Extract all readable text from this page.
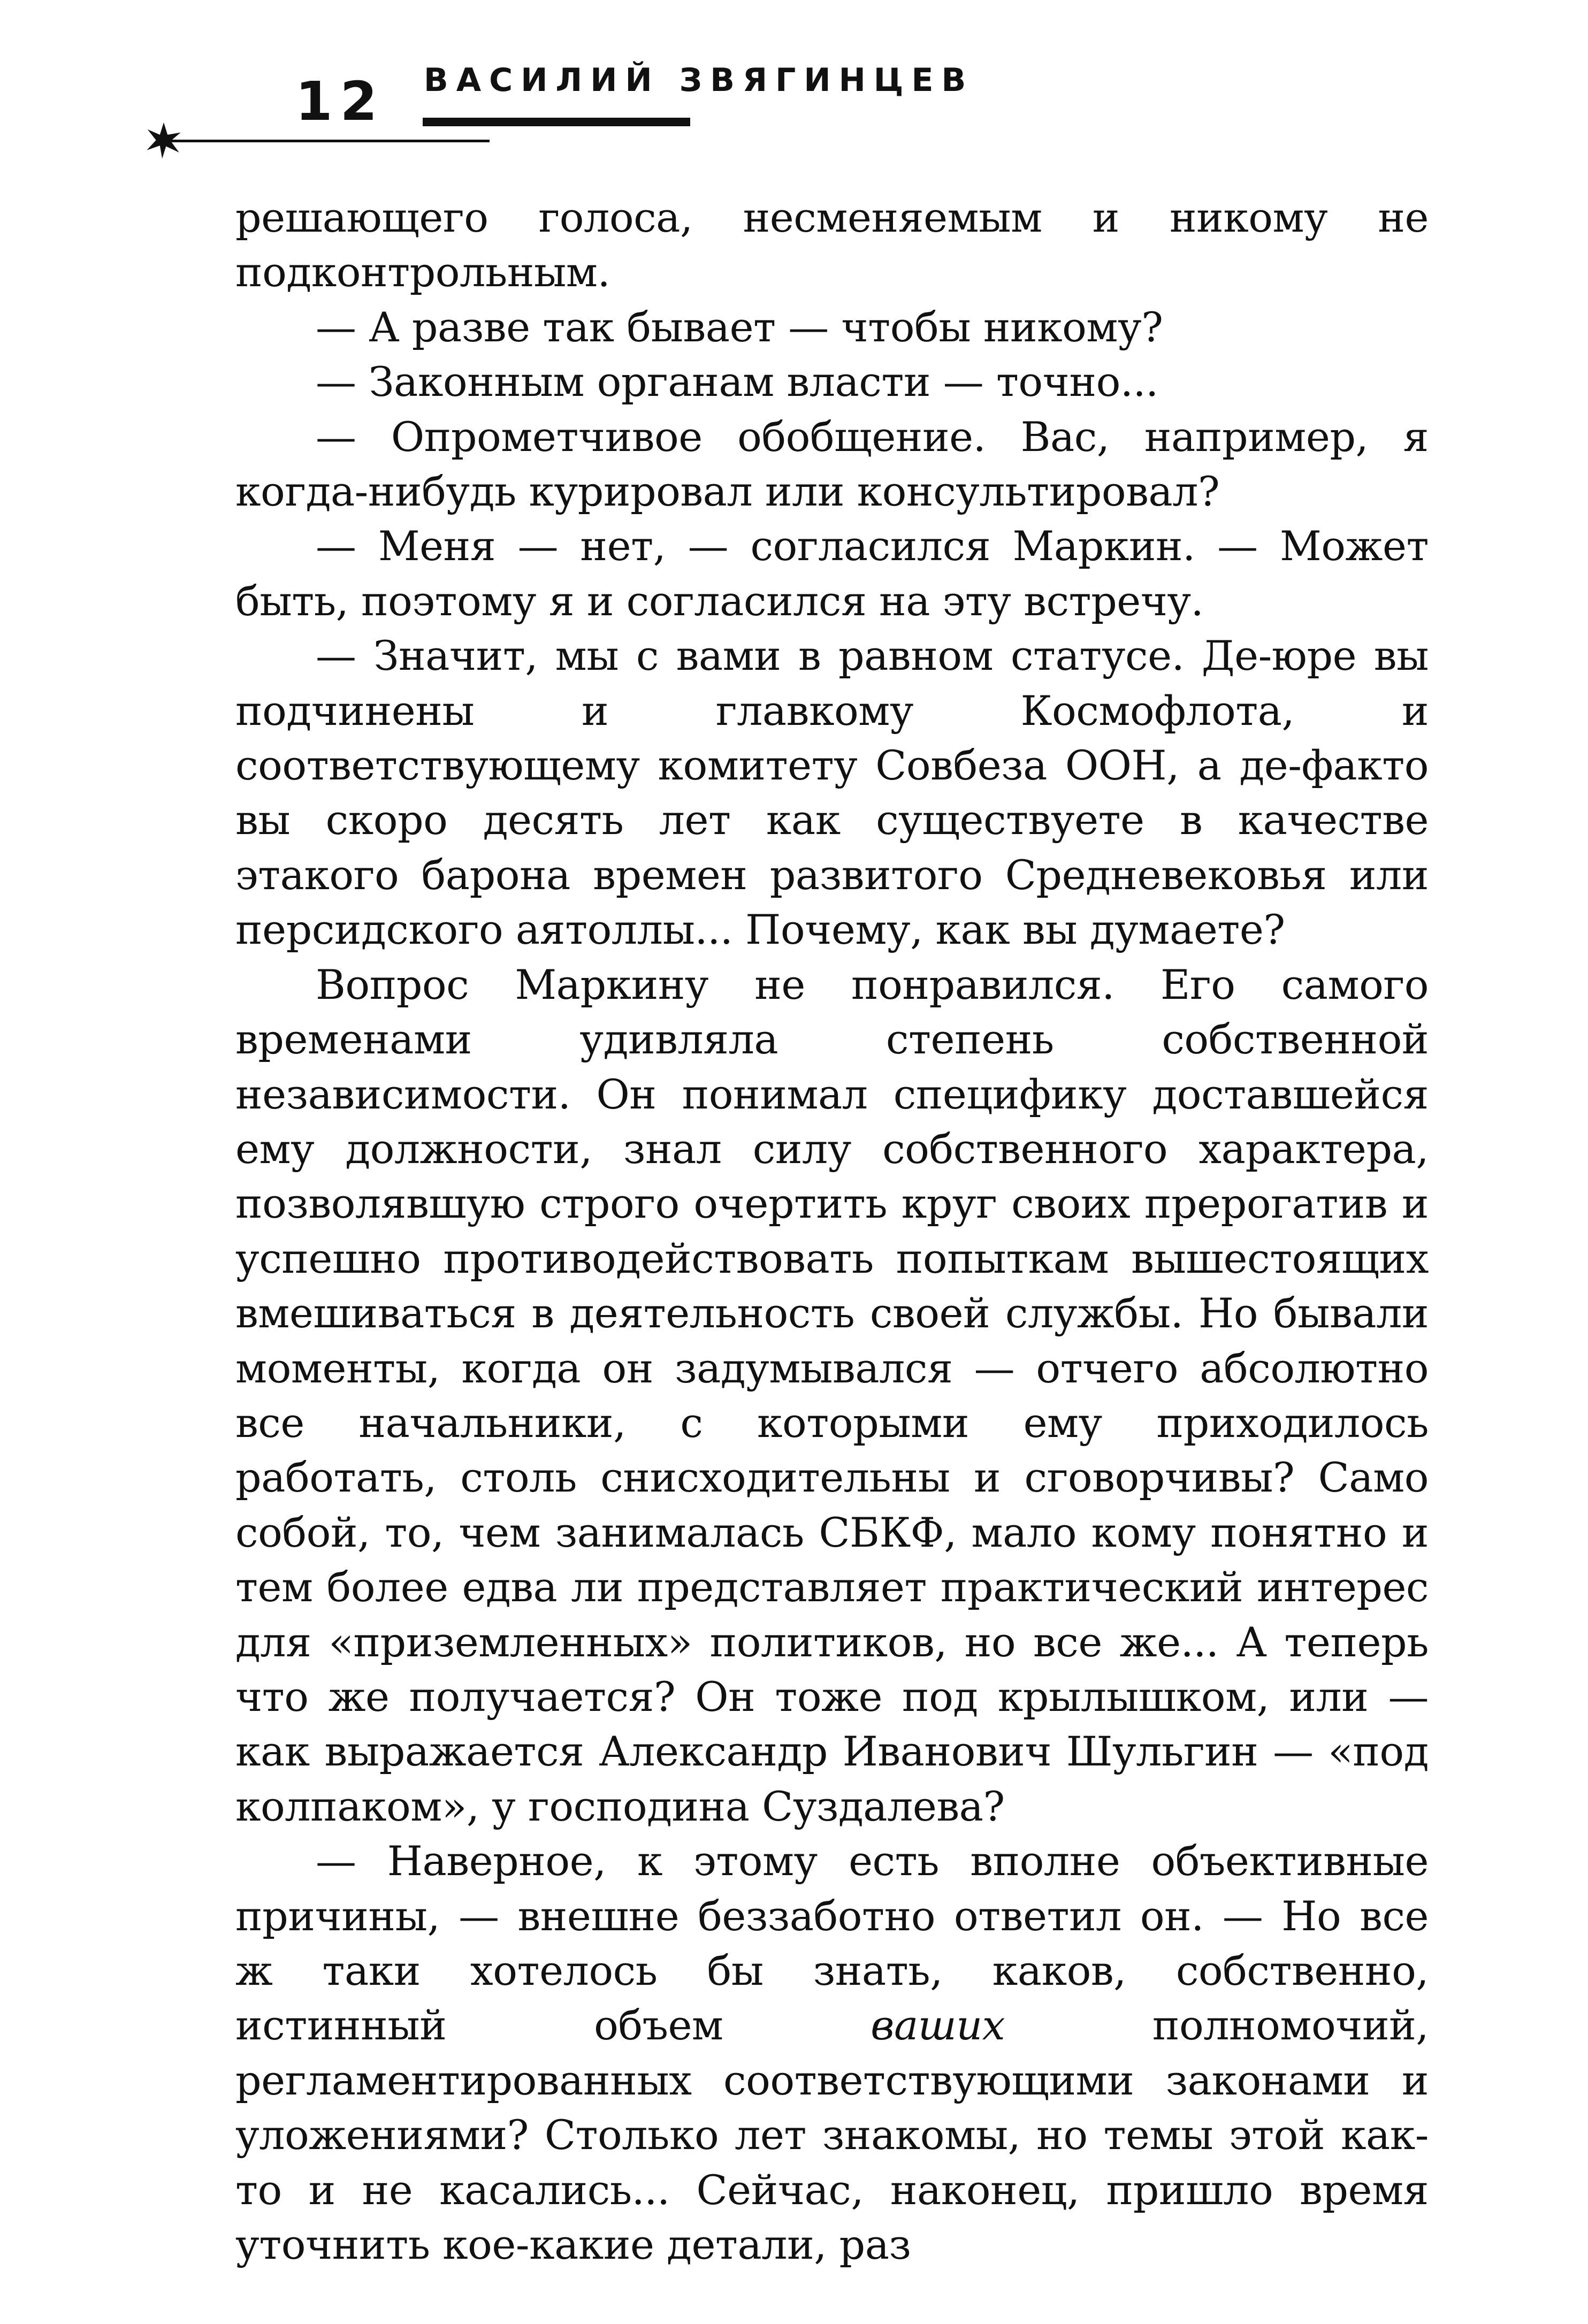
12 ВАСИЛИЙ ЗВЯГИНЦЕВ

решающего голоса, несменяемым и никому не подконтрольным.

— А разве так бывает — чтобы никому?

— Законным органам власти — точно...

— Опрометчивое обобщение. Вас, например, я когда-нибудь курировал или консультировал?

— Меня — нет, — согласился Маркин. — Может быть, поэтому я и согласился на эту встречу.

— Значит, мы с вами в равном статусе. Де-юре вы подчинены и главкому Космофлота, и соответствующему комитету Совбеза ООН, а де-факто вы скоро десять лет как существуете в качестве этакого барона времен развитого Средневековья или персидского аятоллы... Почему, как вы думаете?

Вопрос Маркину не понравился. Его самого временами удивляла степень собственной независимости. Он понимал специфику доставшейся ему должности, знал силу собственного характера, позволявшую строго очертить круг своих прерогатив и успешно противодействовать попыткам вышестоящих вмешиваться в деятельность своей службы. Но бывали моменты, когда он задумывался — отчего абсолютно все начальники, с которыми ему приходилось работать, столь снисходительны и сговорчивы? Само собой, то, чем занималась СБКФ, мало кому понятно и тем более едва ли представляет практический интерес для «приземленных» политиков, но все же... А теперь что же получается? Он тоже под крылышком, или — как выражается Александр Иванович Шульгин — «под колпаком», у господина Суздалева?

— Наверное, к этому есть вполне объективные причины, — внешне беззаботно ответил он. — Но все ж таки хотелось бы знать, каков, собственно, истинный объем ваших полномочий, регламентированных соответствующими законами и уложениями? Столько лет знакомы, но темы этой как-то и не касались... Сейчас, наконец, пришло время уточнить кое-какие детали, раз
